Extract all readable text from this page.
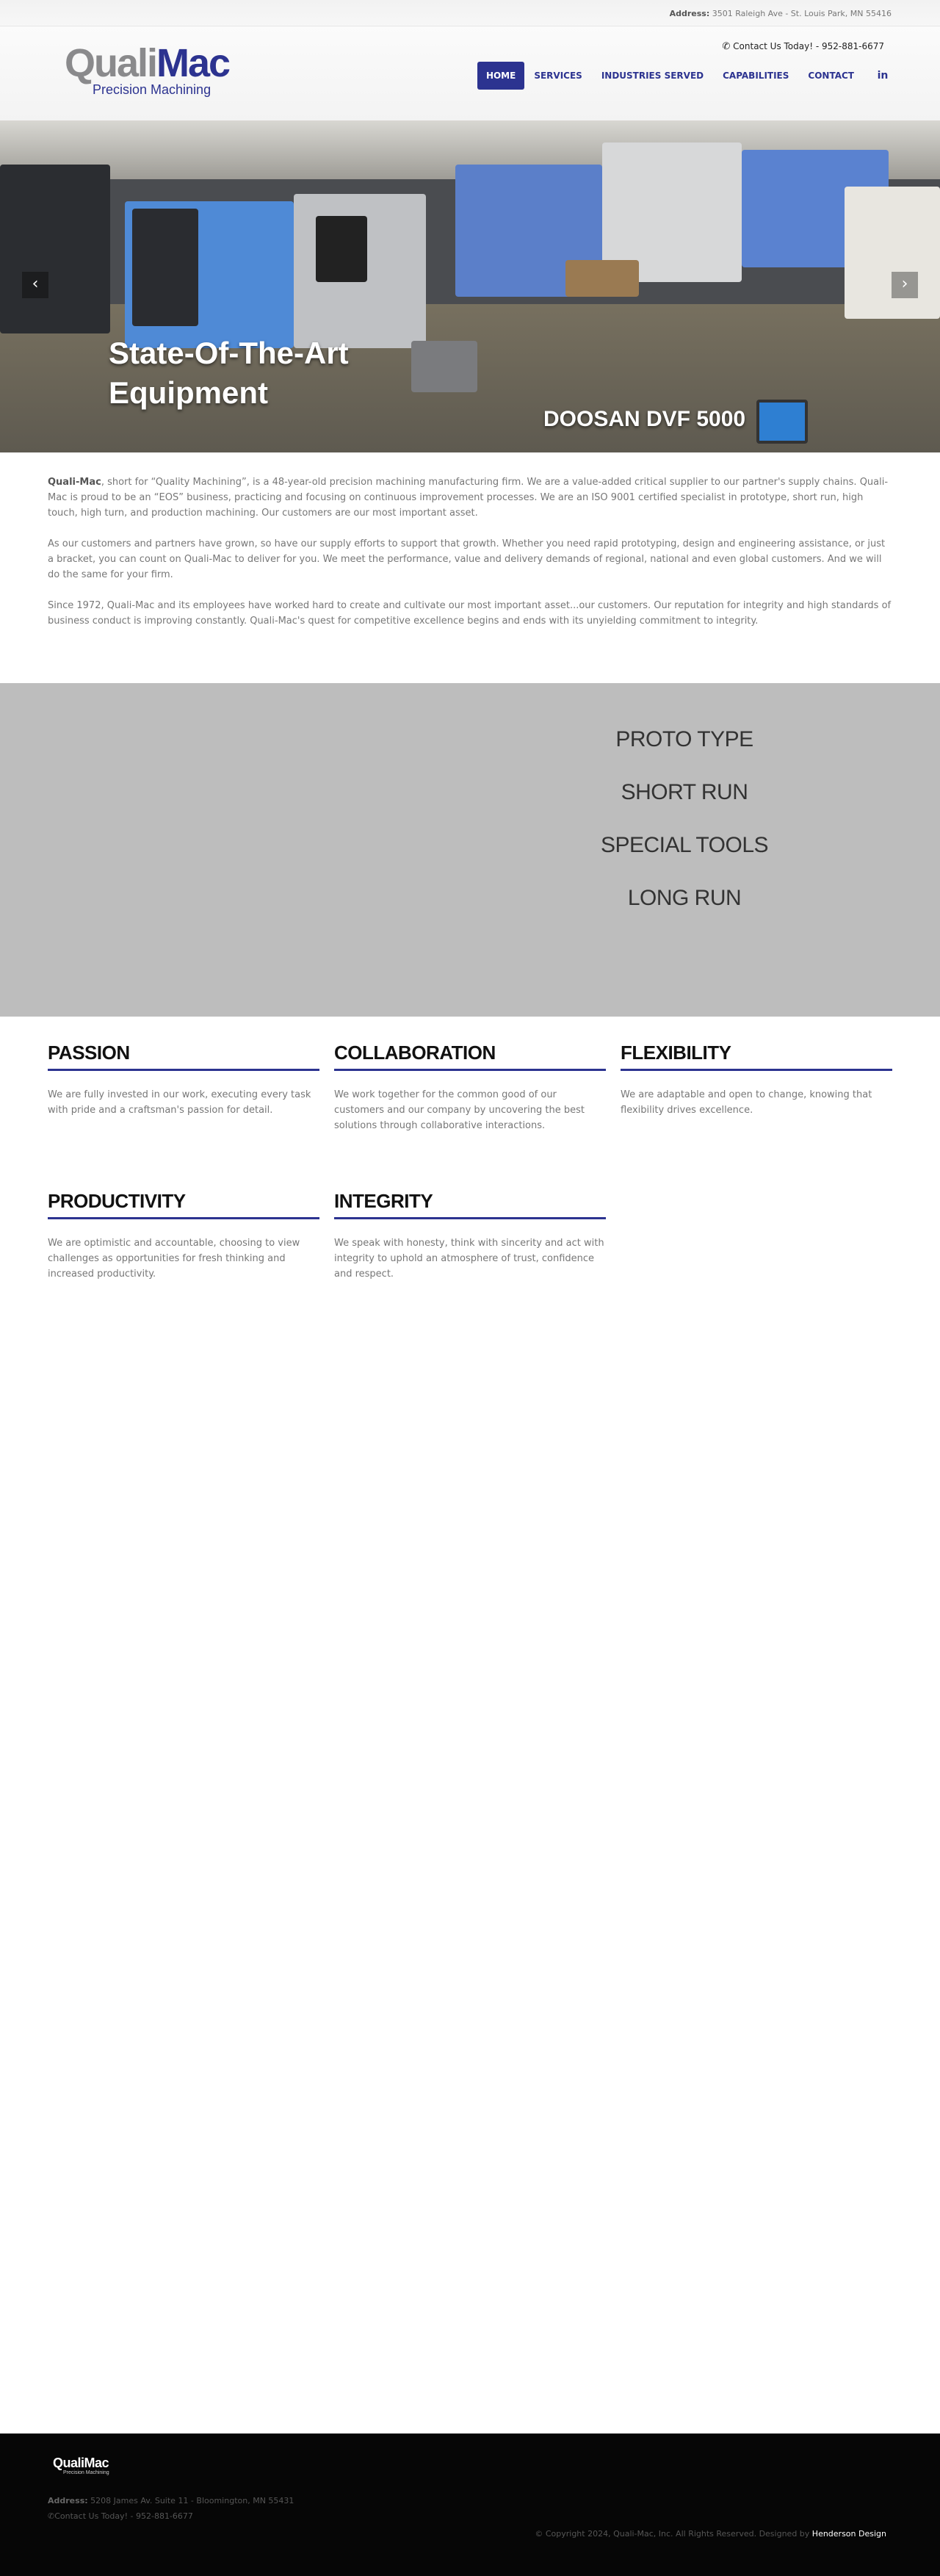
Address: 3501 Raleigh Ave - St. Louis Park, MN 55416
QualiMac
Precision Machining
✆ Contact Us Today! - 952-881-6677
HOME	SERVICES	INDUSTRIES SERVED	CAPABILITIES	CONTACT	in
‹	›
State-Of-The-Art Equipment
DOOSAN DVF 5000

Quali-Mac, short for “Quality Machining”, is a 48-year-old precision machining manufacturing firm. We are a value-added critical supplier to our partner's supply chains. Quali-Mac is proud to be an “EOS” business, practicing and focusing on continuous improvement processes. We are an ISO 9001 certified specialist in prototype, short run, high touch, high turn, and production machining. Our customers are our most important asset.

As our customers and partners have grown, so have our supply efforts to support that growth. Whether you need rapid prototyping, design and engineering assistance, or just a bracket, you can count on Quali-Mac to deliver for you. We meet the performance, value and delivery demands of regional, national and even global customers. And we will do the same for your firm.

Since 1972, Quali-Mac and its employees have worked hard to create and cultivate our most important asset...our customers. Our reputation for integrity and high standards of business conduct is improving constantly. Quali-Mac's quest for competitive excellence begins and ends with its unyielding commitment to integrity.

PROTO TYPE
SHORT RUN
SPECIAL TOOLS
LONG RUN
PASSION
We are fully invested in our work, executing every task with pride and a craftsman's passion for detail.
COLLABORATION
We work together for the common good of our customers and our company by uncovering the best solutions through collaborative interactions.
FLEXIBILITY
We are adaptable and open to change, knowing that flexibility drives excellence.
PRODUCTIVITY
We are optimistic and accountable, choosing to view challenges as opportunities for fresh thinking and increased productivity.
INTEGRITY
We speak with honesty, think with sincerity and act with integrity to uphold an atmosphere of trust, confidence and respect.
QualiMac
Precision Machining
Address: 5208 James Av. Suite 11 - Bloomington, MN 55431
✆Contact Us Today! - 952-881-6677
© Copyright 2024, Quali-Mac, Inc. All Rights Reserved. Designed by Henderson Design
